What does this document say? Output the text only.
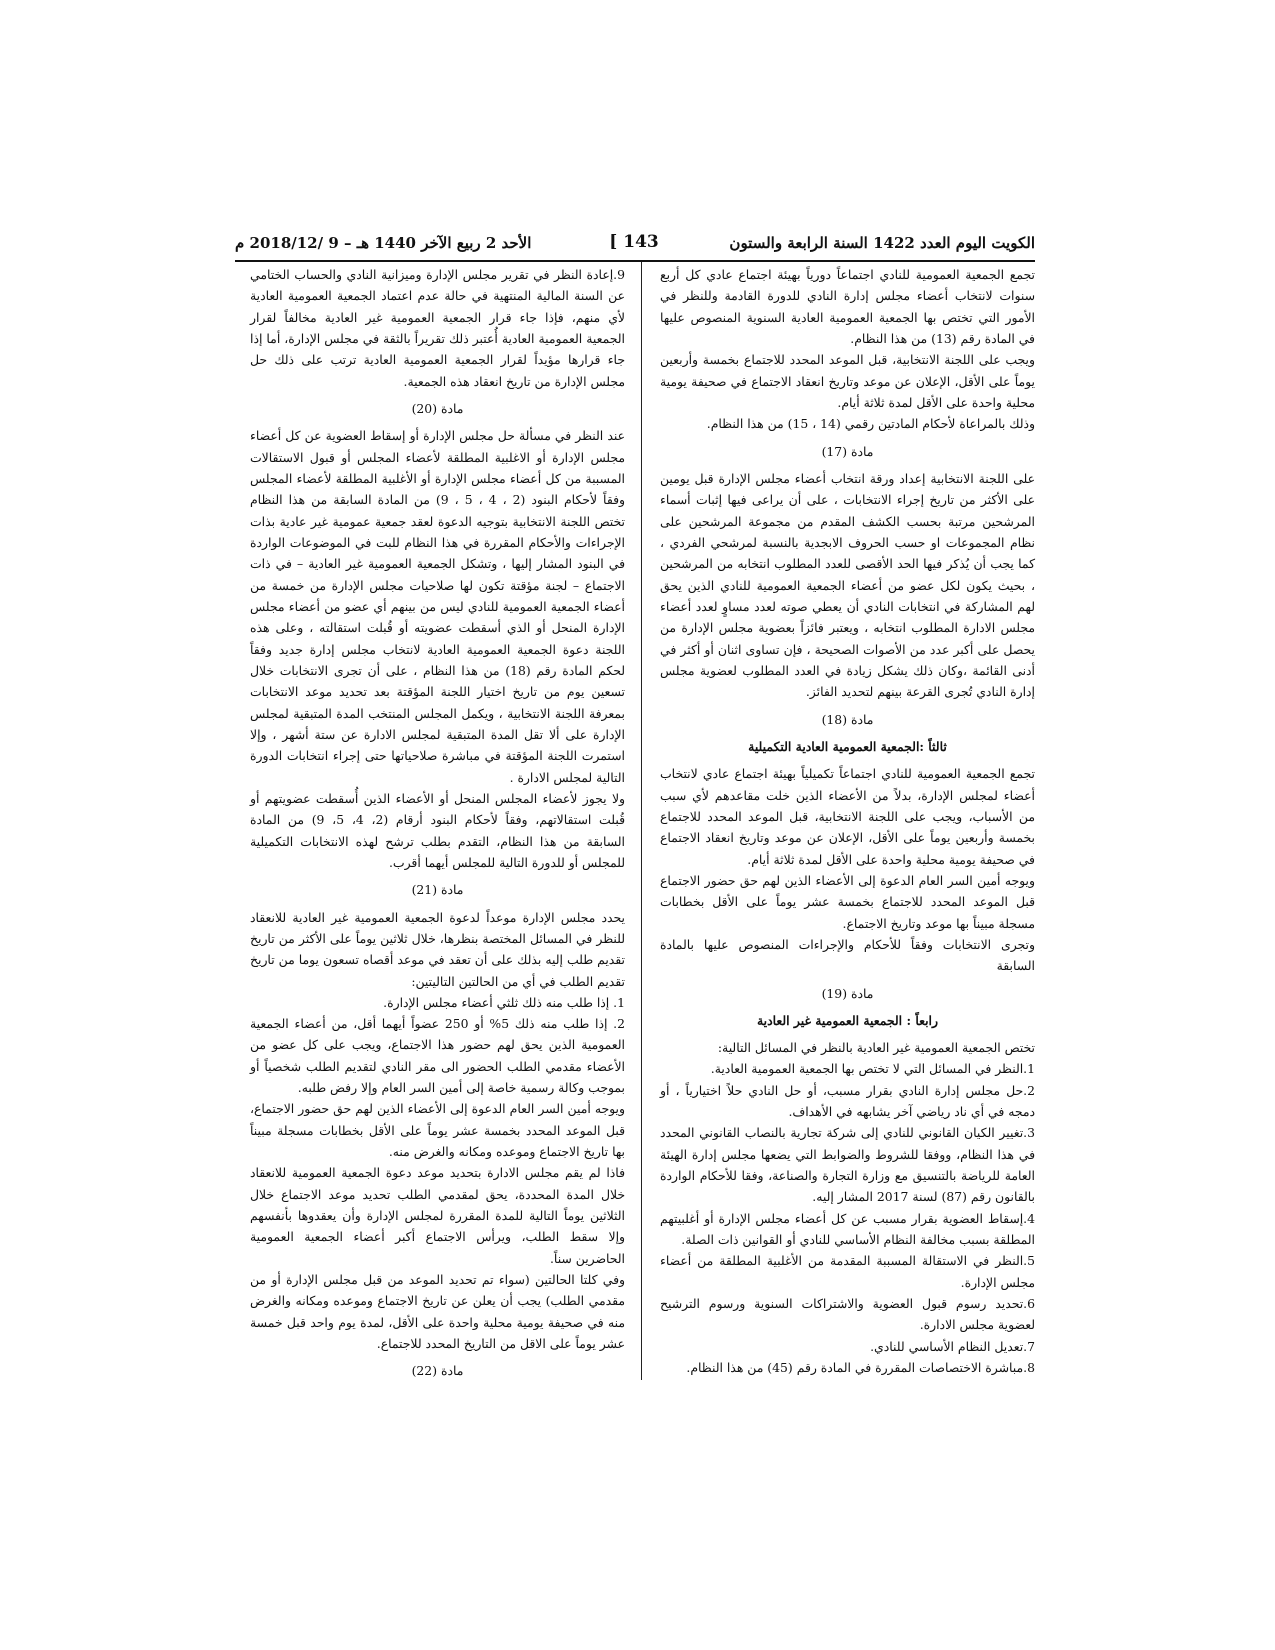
الأحد 2 ربيع الآخر 1440 هـ – 9 /2018/12 م	143 ]	الكويت اليوم العدد 1422 السنة الرابعة والستون

تجمع الجمعية العمومية للنادي اجتماعاً دورياً بهيئة اجتماع عادي كل أربع سنوات لانتخاب أعضاء مجلس إدارة النادي للدورة القادمة وللنظر في الأمور التي تختص بها الجمعية العمومية العادية السنوية المنصوص عليها في المادة رقم (13) من هذا النظام.

ويجب على اللجنة الانتخابية، قبل الموعد المحدد للاجتماع بخمسة وأربعين يوماً على الأقل، الإعلان عن موعد وتاريخ انعقاد الاجتماع في صحيفة يومية محلية واحدة على الأقل لمدة ثلاثة أيام.

وذلك بالمراعاة لأحكام المادتين رقمي (14 ، 15) من هذا النظام.

مادة (17)

على اللجنة الانتخابية إعداد ورقة انتخاب أعضاء مجلس الإدارة قبل يومين على الأكثر من تاريخ إجراء الانتخابات ، على أن يراعى فيها إثبات أسماء المرشحين مرتبة بحسب الكشف المقدم من مجموعة المرشحين على نظام المجموعات او حسب الحروف الابجدية بالنسبة لمرشحي الفردي ، كما يجب أن يُذكر فيها الحد الأقصى للعدد المطلوب انتخابه من المرشحين ، بحيث يكون لكل عضو من أعضاء الجمعية العمومية للنادي الذين يحق لهم المشاركة في انتخابات النادي أن يعطي صوته لعدد مساوٍ لعدد أعضاء مجلس الادارة المطلوب انتخابه ، ويعتبر فائزاً بعضوية مجلس الإدارة من يحصل على أكبر عدد من الأصوات الصحيحة ، فإن تساوى اثنان أو أكثر في أدنى القائمة ،وكان ذلك يشكل زيادة في العدد المطلوب لعضوية مجلس إدارة النادي تُجرى القرعة بينهم لتحديد الفائز.

مادة (18)

ثالثاً :الجمعية العمومية العادية التكميلية

تجمع الجمعية العمومية للنادي اجتماعاً تكميلياً بهيئة اجتماع عادي لانتخاب أعضاء لمجلس الإدارة، بدلاً من الأعضاء الذين خلت مقاعدهم لأي سبب من الأسباب، ويجب على اللجنة الانتخابية، قبل الموعد المحدد للاجتماع بخمسة وأربعين يوماً على الأقل، الإعلان عن موعد وتاريخ انعقاد الاجتماع في صحيفة يومية محلية واحدة على الأقل لمدة ثلاثة أيام.

ويوجه أمين السر العام الدعوة إلى الأعضاء الذين لهم حق حضور الاجتماع قبل الموعد المحدد للاجتماع بخمسة عشر يوماً على الأقل بخطابات مسجلة مبيناً بها موعد وتاريخ الاجتماع.

وتجرى الانتخابات وفقاً للأحكام والإجراءات المنصوص عليها بالمادة السابقة

مادة (19)

رابعاً : الجمعية العمومية غير العادية

تختص الجمعية العمومية غير العادية بالنظر في المسائل التالية:

1.النظر في المسائل التي لا تختص بها الجمعية العمومية العادية.

2.حل مجلس إدارة النادي بقرار مسبب، أو حل النادي حلاً اختيارياً ، أو دمجه في أي ناد رياضي آخر يشابهه في الأهداف.

3.تغيير الكيان القانوني للنادي إلى شركة تجارية بالنصاب القانوني المحدد في هذا النظام، ووفقا للشروط والضوابط التي يضعها مجلس إدارة الهيئة العامة للرياضة بالتنسيق مع وزارة التجارة والصناعة، وفقا للأحكام الواردة بالقانون رقم (87) لسنة 2017 المشار إليه.

4.إسقاط العضوية بقرار مسبب عن كل أعضاء مجلس الإدارة أو أغلبيتهم المطلقة بسبب مخالفة النظام الأساسي للنادي أو القوانين ذات الصلة.

5.النظر في الاستقالة المسببة المقدمة من الأغلبية المطلقة من أعضاء مجلس الإدارة.

6.تحديد رسوم قبول العضوية والاشتراكات السنوية ورسوم الترشيح لعضوية مجلس الادارة.

7.تعديل النظام الأساسي للنادي.

8.مباشرة الاختصاصات المقررة في المادة رقم (45) من هذا النظام.

9.إعادة النظر في تقرير مجلس الإدارة وميزانية النادي والحساب الختامي عن السنة المالية المنتهية في حالة عدم اعتماد الجمعية العمومية العادية لأي منهم، فإذا جاء قرار الجمعية العمومية غير العادية مخالفاً لقرار الجمعية العمومية العادية أُعتبر ذلك تقريراً بالثقة في مجلس الإدارة، أما إذا جاء قرارها مؤيداً لقرار الجمعية العمومية العادية ترتب على ذلك حل مجلس الإدارة من تاريخ انعقاد هذه الجمعية.

مادة (20)

عند النظر في مسألة حل مجلس الإدارة أو إسقاط العضوية عن كل أعضاء مجلس الإدارة أو الاغلبية المطلقة لأعضاء المجلس أو قبول الاستقالات المسببة من كل أعضاء مجلس الإدارة أو الأغلبية المطلقة لأعضاء المجلس وفقاً لأحكام البنود (2 ، 4 ، 5 ، 9) من المادة السابقة من هذا النظام تختص اللجنة الانتخابية بتوجيه الدعوة لعقد جمعية عمومية غير عادية بذات الإجراءات والأحكام المقررة في هذا النظام للبت في الموضوعات الواردة في البنود المشار إليها ، وتشكل الجمعية العمومية غير العادية – في ذات الاجتماع – لجنة مؤقتة تكون لها صلاحيات مجلس الإدارة من خمسة من أعضاء الجمعية العمومية للنادي ليس من بينهم أي عضو من أعضاء مجلس الإدارة المنحل أو الذي أسقطت عضويته أو قُبلت استقالته ، وعلى هذه اللجنة دعوة الجمعية العمومية العادية لانتخاب مجلس إدارة جديد وفقاً لحكم المادة رقم (18) من هذا النظام ، على أن تجرى الانتخابات خلال تسعين يوم من تاريخ اختيار اللجنة المؤقتة بعد تحديد موعد الانتخابات بمعرفة اللجنة الانتخابية ، ويكمل المجلس المنتخب المدة المتبقية لمجلس الإدارة على ألا تقل المدة المتبقية لمجلس الادارة عن ستة أشهر ، وإلا استمرت اللجنة المؤقتة في مباشرة صلاحياتها حتى إجراء انتخابات الدورة التالية لمجلس الادارة .

ولا يجوز لأعضاء المجلس المنحل أو الأعضاء الذين أُسقطت عضويتهم أو قُبلت استقالاتهم، وفقاً لأحكام البنود أرقام (2، 4، 5، 9) من المادة السابقة من هذا النظام، التقدم بطلب ترشح لهذه الانتخابات التكميلية للمجلس أو للدورة التالية للمجلس أيهما أقرب.

مادة (21)

يحدد مجلس الإدارة موعداً لدعوة الجمعية العمومية غير العادية للانعقاد للنظر في المسائل المختصة بنظرها، خلال ثلاثين يوماً على الأكثر من تاريخ تقديم طلب إليه بذلك على أن تعقد في موعد أقصاه تسعون يوما من تاريخ تقديم الطلب في أي من الحالتين التاليتين:

1. إذا طلب منه ذلك ثلثي أعضاء مجلس الإدارة.

2. إذا طلب منه ذلك 5% أو 250 عضواً أيهما أقل، من أعضاء الجمعية العمومية الذين يحق لهم حضور هذا الاجتماع، ويجب على كل عضو من الأعضاء مقدمي الطلب الحضور الى مقر النادي لتقديم الطلب شخصياً أو بموجب وكالة رسمية خاصة إلى أمين السر العام وإلا رفض طلبه.

ويوجه أمين السر العام الدعوة إلى الأعضاء الذين لهم حق حضور الاجتماع، قبل الموعد المحدد بخمسة عشر يوماً على الأقل بخطابات مسجلة مبيناً بها تاريخ الاجتماع وموعده ومكانه والغرض منه.

فاذا لم يقم مجلس الادارة بتحديد موعد دعوة الجمعية العمومية للانعقاد خلال المدة المحددة، يحق لمقدمي الطلب تحديد موعد الاجتماع خلال الثلاثين يوماً التالية للمدة المقررة لمجلس الإدارة وأن يعقدوها بأنفسهم وإلا سقط الطلب، ويرأس الاجتماع أكبر أعضاء الجمعية العمومية الحاضرين سناً.

وفي كلتا الحالتين (سواء تم تحديد الموعد من قبل مجلس الإدارة أو من مقدمي الطلب) يجب أن يعلن عن تاريخ الاجتماع وموعده ومكانه والغرض منه في صحيفة يومية محلية واحدة على الأقل، لمدة يوم واحد قبل خمسة عشر يوماً على الاقل من التاريخ المحدد للاجتماع.

مادة (22)
